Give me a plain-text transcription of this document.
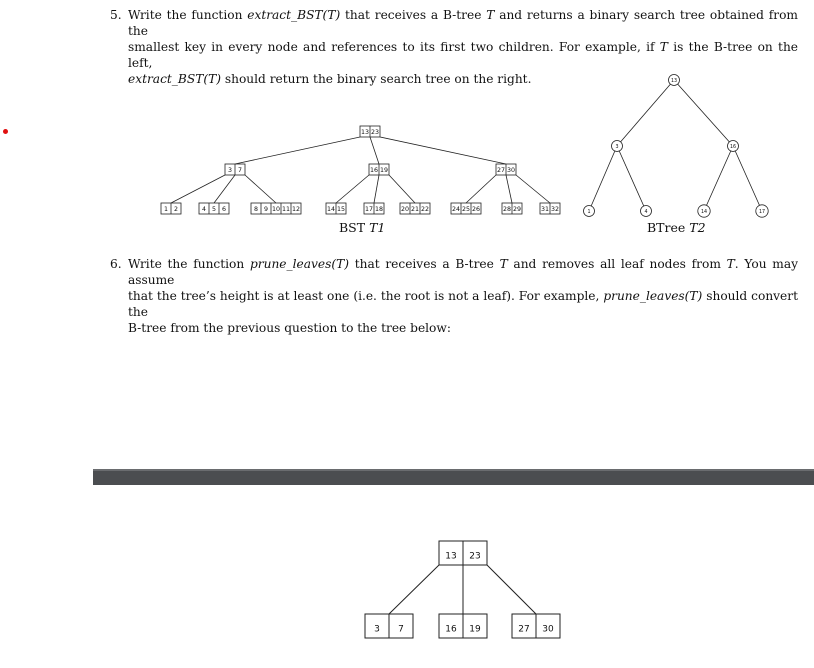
5. Write the function extract_BST(T) that receives a B-tree T and returns a binary search tree obtained from the
smallest key in every node and references to its first two children. For example, if T is the B-tree on the left,
extract_BST(T) should return the binary search tree on the right.
6. Write the function prune_leaves(T) that receives a B-tree T and removes all leaf nodes from T. You may assume
that the tree’s height is at least one (i.e. the root is not a leaf). For example, prune_leaves(T) should convert the
B-tree from the previous question to the tree below:
BST T1	BTree T2
13 23
3 7	16 19	27 30
1 2	4 5 6	8 9 10 11 12	14 15	17 18	20 21 22	24 25 26	28 29	31 32
13
3	16
1	4	14	17
13 23
3 7	16 19	27 30
